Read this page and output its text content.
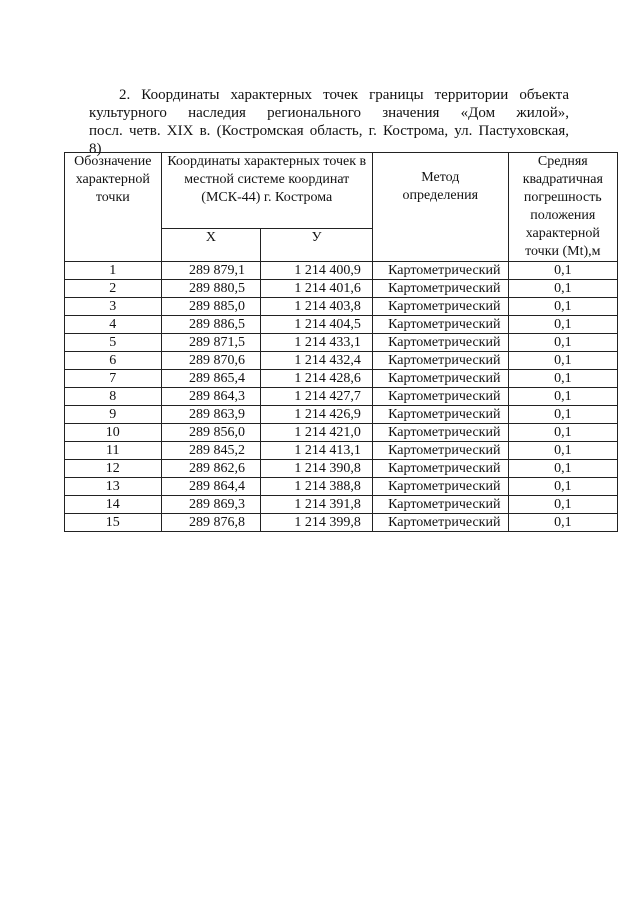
2. Координаты характерных точек границы территории объекта
культурного наследия регионального значения «Дом жилой»,
посл. четв. XIX в. (Костромская область, г. Кострома, ул. Пастуховская,
8)
Обозначение характерной точки	Координаты характерных точек в местной системе координат (МСК-44) г. Кострома		Метод определения	Средняя квадратичная погрешность положения характерной точки (Mt),м
	Х	У		
1	289 879,1	1 214 400,9	Картометрический	0,1
2	289 880,5	1 214 401,6	Картометрический	0,1
3	289 885,0	1 214 403,8	Картометрический	0,1
4	289 886,5	1 214 404,5	Картометрический	0,1
5	289 871,5	1 214 433,1	Картометрический	0,1
6	289 870,6	1 214 432,4	Картометрический	0,1
7	289 865,4	1 214 428,6	Картометрический	0,1
8	289 864,3	1 214 427,7	Картометрический	0,1
9	289 863,9	1 214 426,9	Картометрический	0,1
10	289 856,0	1 214 421,0	Картометрический	0,1
11	289 845,2	1 214 413,1	Картометрический	0,1
12	289 862,6	1 214 390,8	Картометрический	0,1
13	289 864,4	1 214 388,8	Картометрический	0,1
14	289 869,3	1 214 391,8	Картометрический	0,1
15	289 876,8	1 214 399,8	Картометрический	0,1
